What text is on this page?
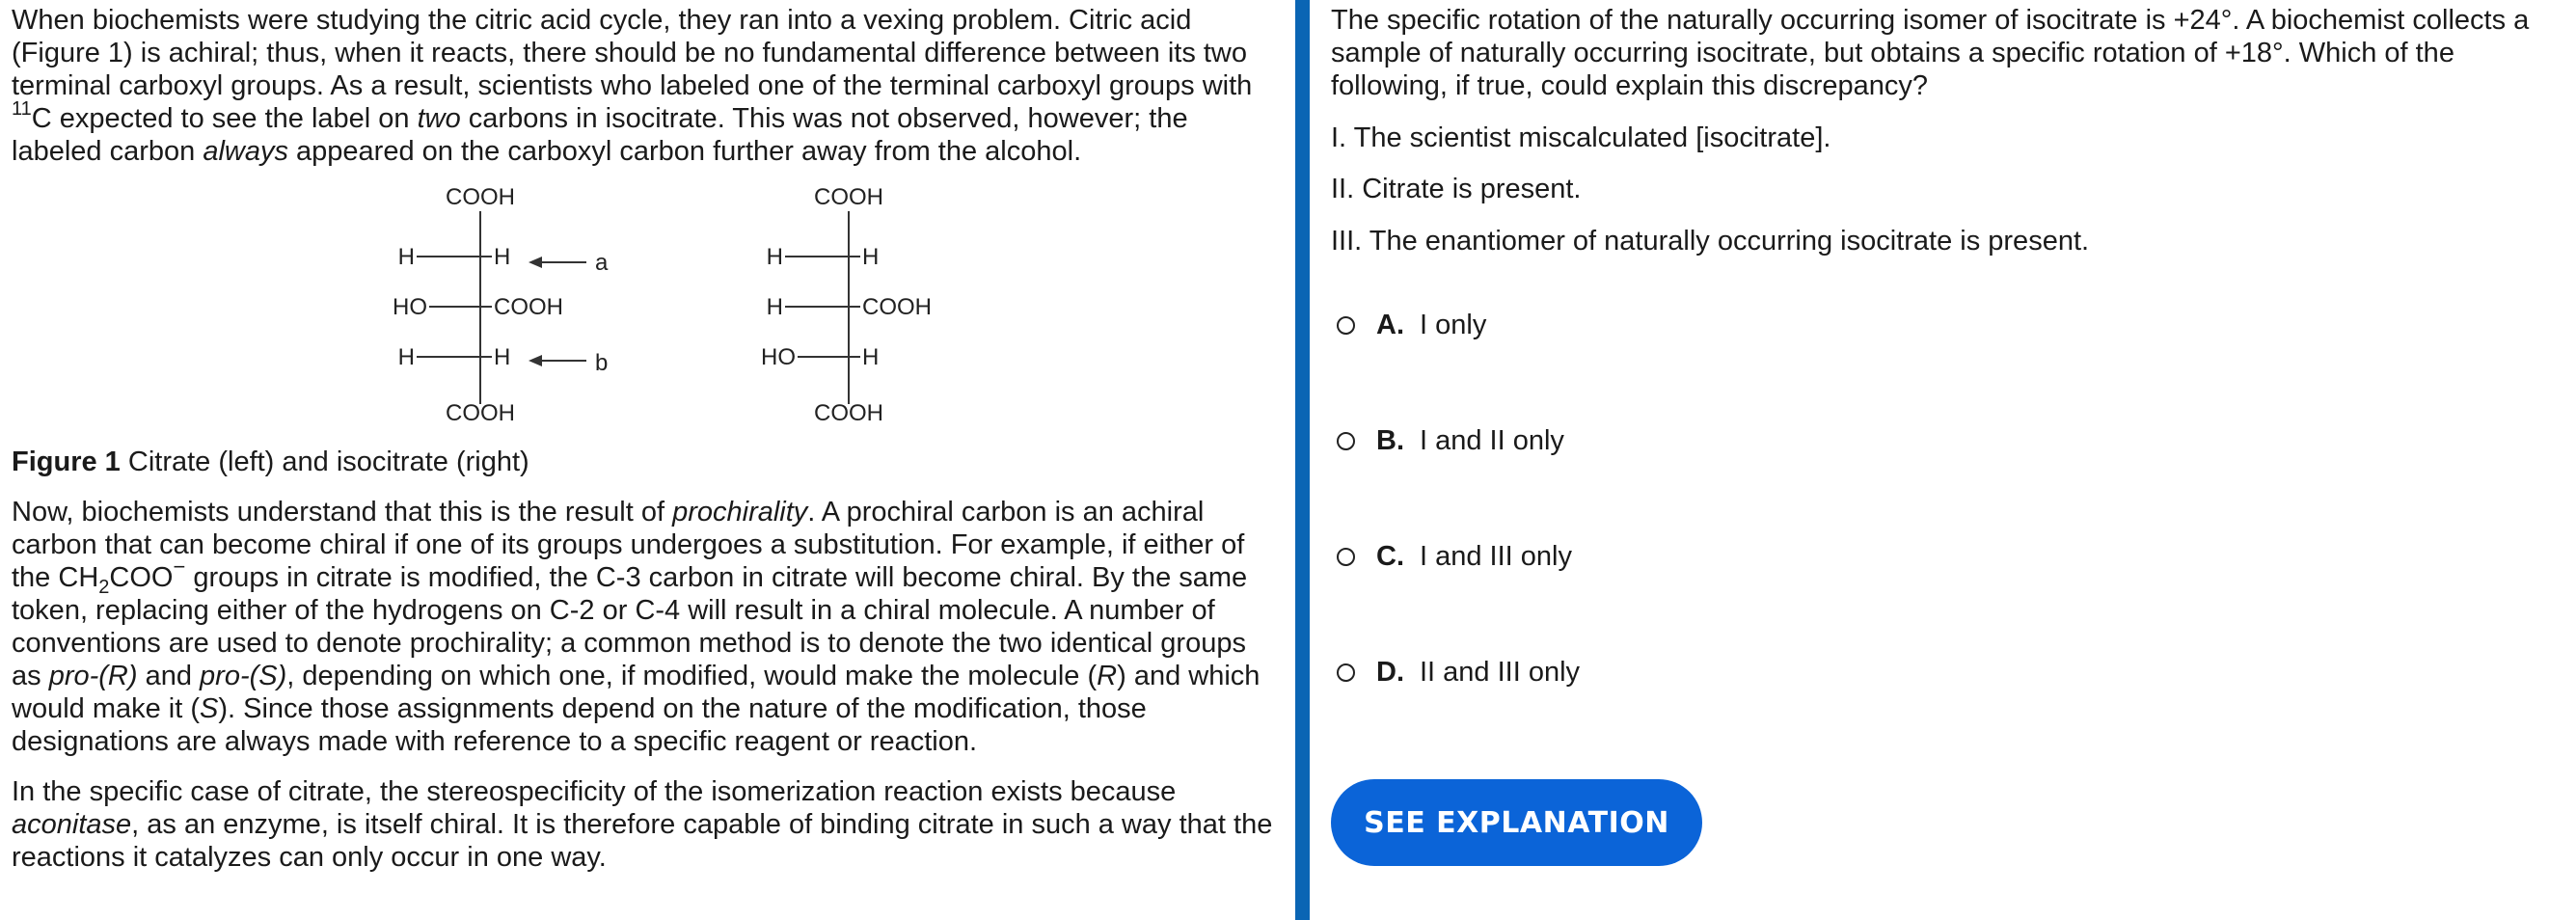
When biochemists were studying the citric acid cycle, they ran into a vexing problem. Citric acid (Figure 1) is achiral; thus, when it reacts, there should be no fundamental difference between its two terminal carboxyl groups. As a result, scientists who labeled one of the terminal carboxyl groups with $^{11}$C expected to see the label on two carbons in isocitrate. This was not observed, however; the labeled carbon always appeared on the carboxyl carbon further away from the alcohol.

COOH
H	H
HO	COOH
H	H
a
b
COOH
COOH
H	H
H	COOH
HO	H
COOH

Figure 1 Citrate (left) and isocitrate (right)

Now, biochemists understand that this is the result of prochirality. A prochiral carbon is an achiral carbon that can become chiral if one of its groups undergoes a substitution. For example, if either of the $CH_2COO^-$ groups in citrate is modified, the C-3 carbon in citrate will become chiral. By the same token, replacing either of the hydrogens on C-2 or C-4 will result in a chiral molecule. A number of conventions are used to denote prochirality; a common method is to denote the two identical groups as pro-(R) and pro-(S), depending on which one, if modified, would make the molecule (R) and which would make it (S). Since those assignments depend on the nature of the modification, those designations are always made with reference to a specific reagent or reaction.

In the specific case of citrate, the stereospecificity of the isomerization reaction exists because aconitase, as an enzyme, is itself chiral. It is therefore capable of binding citrate in such a way that the reactions it catalyzes can only occur in one way.

The specific rotation of the naturally occurring isomer of isocitrate is +24°. A biochemist collects a sample of naturally occurring isocitrate, but obtains a specific rotation of +18°. Which of the following, if true, could explain this discrepancy?

I. The scientist miscalculated [isocitrate].

II. Citrate is present.

III. The enantiomer of naturally occurring isocitrate is present.

A. I only
B. I and II only
C. I and III only
D. II and III only
SEE EXPLANATION
